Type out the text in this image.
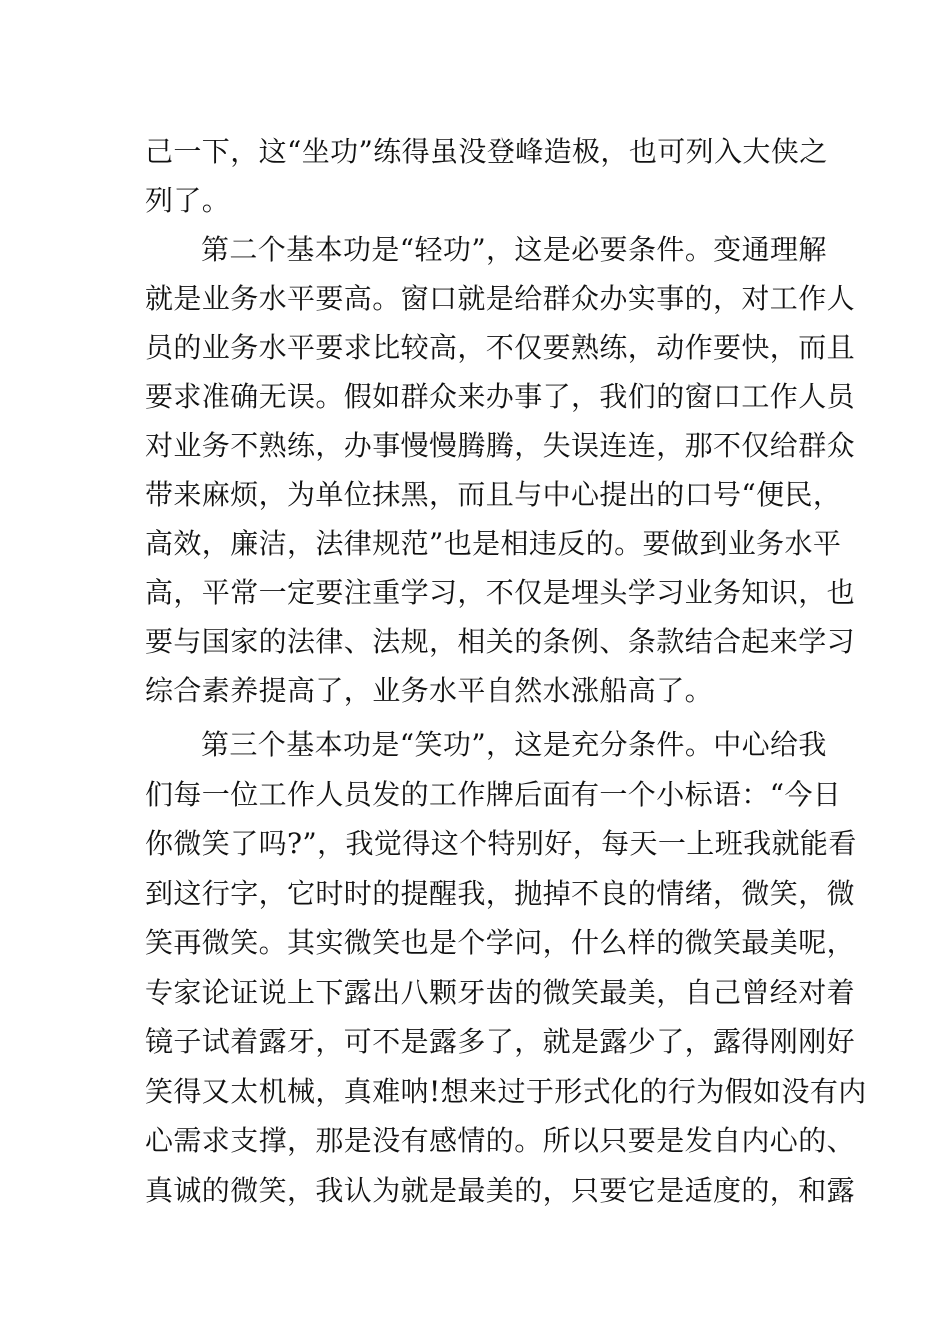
己一下，这“坐功”练得虽没登峰造极，也可列入大侠之
列了。
第二个基本功是“轻功”，这是必要条件。变通理解
就是业务水平要高。窗口就是给群众办实事的，对工作人
员的业务水平要求比较高，不仅要熟练，动作要快，而且
要求准确无误。假如群众来办事了，我们的窗口工作人员
对业务不熟练，办事慢慢腾腾，失误连连，那不仅给群众
带来麻烦，为单位抹黑，而且与中心提出的口号“便民，
高效，廉洁，法律规范”也是相违反的。要做到业务水平
高，平常一定要注重学习，不仅是埋头学习业务知识，也
要与国家的法律、法规，相关的条例、条款结合起来学习
综合素养提高了，业务水平自然水涨船高了。
第三个基本功是“笑功”，这是充分条件。中心给我
们每一位工作人员发的工作牌后面有一个小标语：“今日
你微笑了吗?”，我觉得这个特别好，每天一上班我就能看
到这行字，它时时的提醒我，抛掉不良的情绪，微笑，微
笑再微笑。其实微笑也是个学问，什么样的微笑最美呢，
专家论证说上下露出八颗牙齿的微笑最美，自己曾经对着
镜子试着露牙，可不是露多了，就是露少了，露得刚刚好
笑得又太机械，真难呐!想来过于形式化的行为假如没有内
心需求支撑，那是没有感情的。所以只要是发自内心的、
真诚的微笑，我认为就是最美的，只要它是适度的，和露
